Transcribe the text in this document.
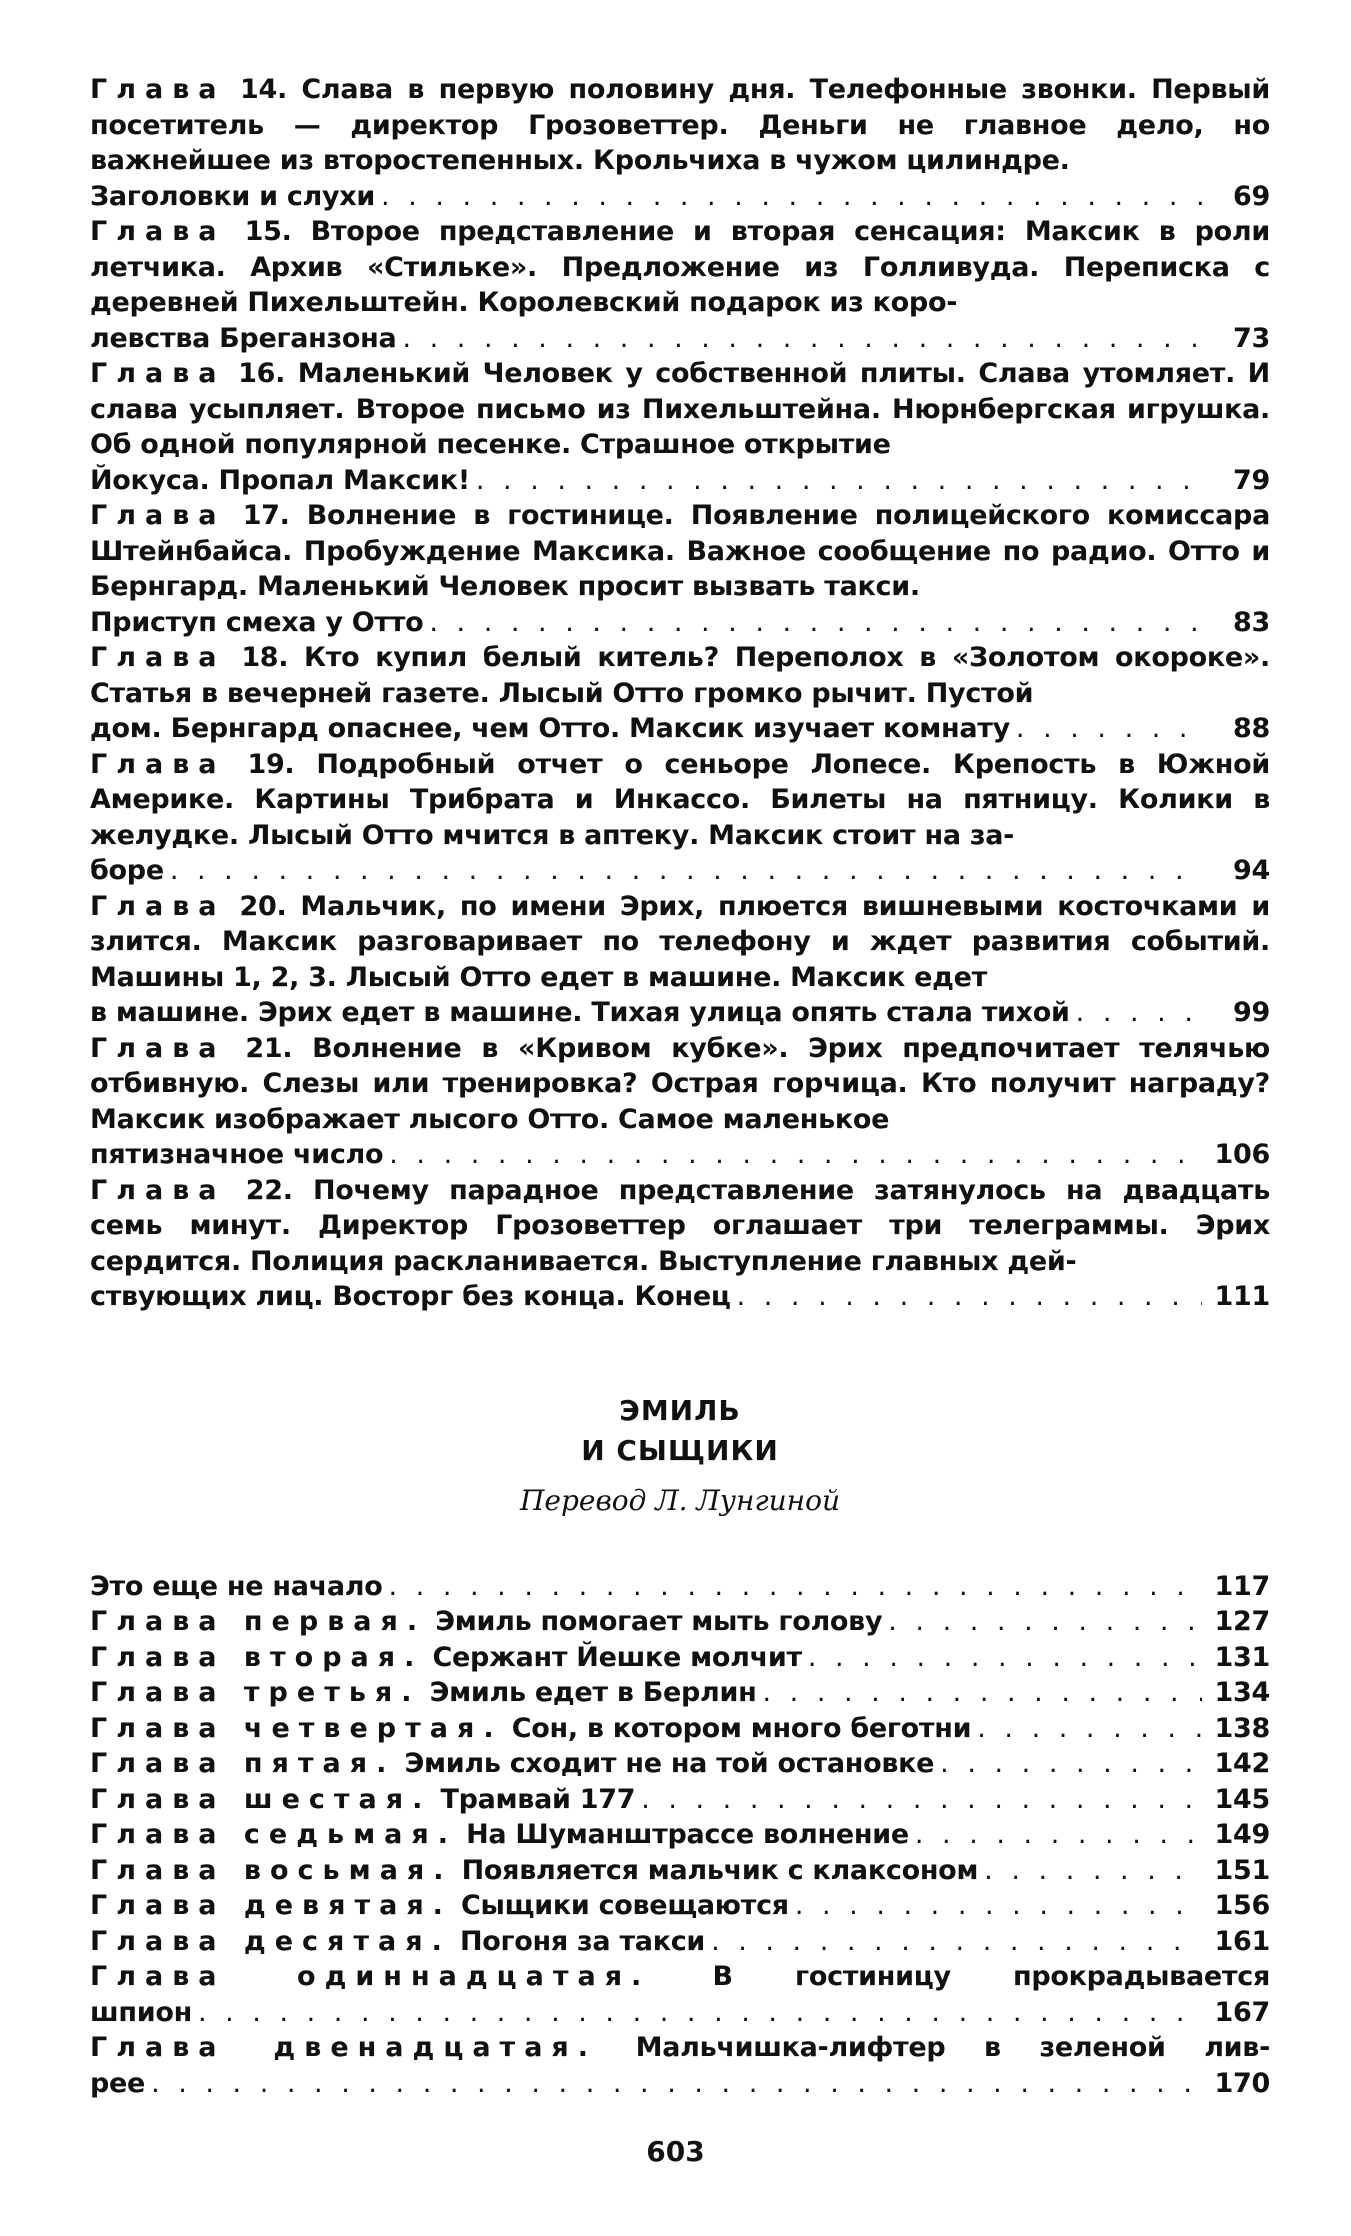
Глава 14. Слава в первую половину дня. Телефонные звонки. Первый посетитель — директор Грозоветтер. Деньги не главное дело, но важнейшее из второстепенных. Крольчиха в чужом цилиндре.
Заголовки и слухи . . .	69
Глава 15. Второе представление и вторая сенсация: Максик в роли летчика. Архив «Стильке». Предложение из Голливуда. Переписка с деревней Пихельштейн. Королевский подарок из коро-
левства Бреганзона . . .	73
Глава 16. Маленький Человек у собственной плиты. Слава утомляет. И слава усыпляет. Второе письмо из Пихельштейна. Нюрнбергская игрушка. Об одной популярной песенке. Страшное открытие
Йокуса. Пропал Максик! . . .	79
Глава 17. Волнение в гостинице. Появление полицейского комиссара Штейнбайса. Пробуждение Максика. Важное сообщение по радио. Отто и Бернгард. Маленький Человек просит вызвать такси.
Приступ смеха у Отто . . .	83
Глава 18. Кто купил белый китель? Переполох в «Золотом окороке». Статья в вечерней газете. Лысый Отто громко рычит. Пустой
дом. Бернгард опаснее, чем Отто. Максик изучает комнату . . .	88
Глава 19. Подробный отчет о сеньоре Лопесе. Крепость в Южной Америке. Картины Трибрата и Инкассо. Билеты на пятницу. Колики в желудке. Лысый Отто мчится в аптеку. Максик стоит на за-
боре . . .	94
Глава 20. Мальчик, по имени Эрих, плюется вишневыми косточками и злится. Максик разговаривает по телефону и ждет развития событий. Машины 1, 2, 3. Лысый Отто едет в машине. Максик едет
в машине. Эрих едет в машине. Тихая улица опять стала тихой . . .	99
Глава 21. Волнение в «Кривом кубке». Эрих предпочитает телячью отбивную. Слезы или тренировка? Острая горчица. Кто получит награду? Максик изображает лысого Отто. Самое маленькое
пятизначное число . . .	106
Глава 22. Почему парадное представление затянулось на двадцать семь минут. Директор Грозоветтер оглашает три телеграммы. Эрих сердится. Полиция раскланивается. Выступление главных дей-
ствующих лиц. Восторг без конца. Конец . . .	111
ЭМИЛЬ
И СЫЩИКИ
Перевод Л. Лунгиной
Это еще не начало . . .	117
Глава первая. Эмиль помогает мыть голову . . .	127
Глава вторая. Сержант Йешке молчит . . .	131
Глава третья. Эмиль едет в Берлин . . .	134
Глава четвертая. Сон, в котором много беготни . . .	138
Глава пятая. Эмиль сходит не на той остановке . . .	142
Глава шестая. Трамвай 177 . . .	145
Глава седьмая. На Шуманштрассе волнение . . .	149
Глава восьмая. Появляется мальчик с клаксоном . . .	151
Глава девятая. Сыщики совещаются . . .	156
Глава десятая. Погоня за такси . . .	161
Глава одиннадцатая. В гостиницу прокрадывается
шпион . . .	167
Глава двенадцатая. Мальчишка-лифтер в зеленой лив-
рее . . .	170
603
